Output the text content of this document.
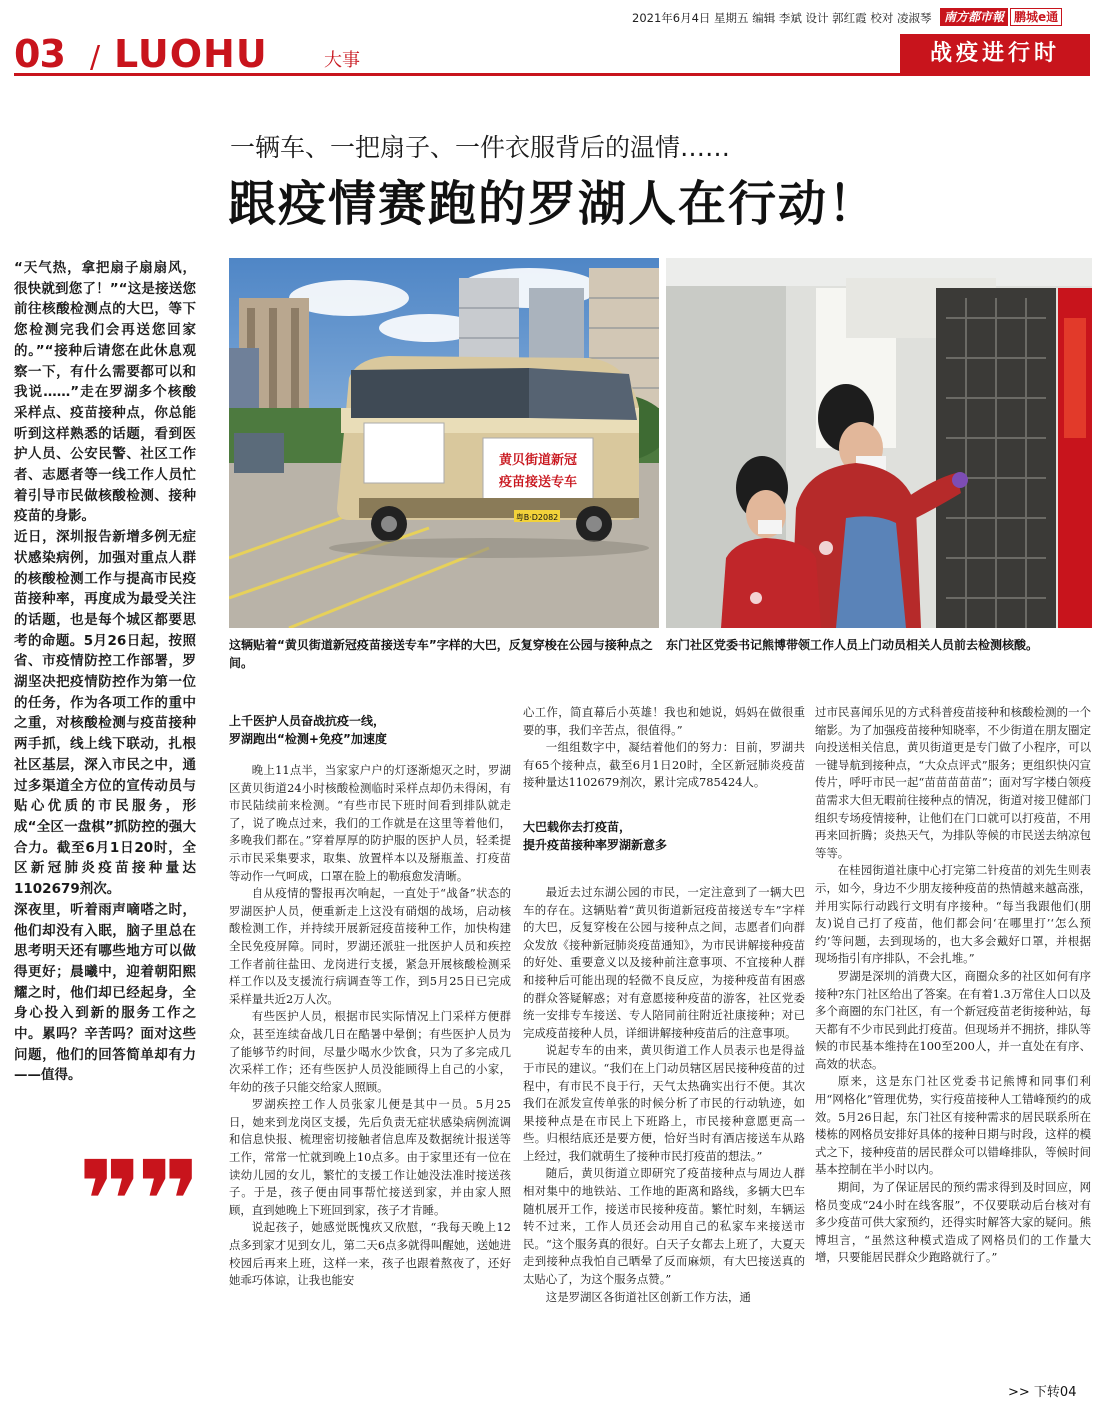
2021年6月4日 星期五 编辑 李斌 设计 郭红霞 校对 凌淑琴	南方都市報 鹏城e通
03 / LUOHU	大事	战疫进行时
一辆车、一把扇子、一件衣服背后的温情……
跟疫情赛跑的罗湖人在行动！
黄贝街道新冠
疫苗接送专车
粤B·D2082
这辆贴着“黄贝街道新冠疫苗接送专车”字样的大巴，反复穿梭在公园与接种点之间。
东门社区党委书记熊博带领工作人员上门动员相关人员前去检测核酸。

“天气热，拿把扇子扇扇风，很快就到您了！”“这是接送您前往核酸检测点的大巴，等下您检测完我们会再送您回家的。”“接种后请您在此休息观察一下，有什么需要都可以和我说……”走在罗湖多个核酸采样点、疫苗接种点，你总能听到这样熟悉的话题，看到医护人员、公安民警、社区工作者、志愿者等一线工作人员忙着引导市民做核酸检测、接种疫苗的身影。

近日，深圳报告新增多例无症状感染病例，加强对重点人群的核酸检测工作与提高市民疫苗接种率，再度成为最受关注的话题，也是每个城区都要思考的命题。5月26日起，按照省、市疫情防控工作部署，罗湖坚决把疫情防控作为第一位的任务，作为各项工作的重中之重，对核酸检测与疫苗接种两手抓，线上线下联动，扎根社区基层，深入市民之中，通过多渠道全方位的宣传动员与贴心优质的市民服务，形成“全区一盘棋”抓防控的强大合力。截至6月1日20时，全区新冠肺炎疫苗接种量达1102679剂次。

深夜里，听着雨声嘀嗒之时，他们却没有入眠，脑子里总在思考明天还有哪些地方可以做得更好；晨曦中，迎着朝阳熙耀之时，他们却已经起身，全身心投入到新的服务工作之中。累吗？辛苦吗？面对这些问题，他们的回答简单却有力——值得。

❞❞
上千医护人员奋战抗疫一线，
罗湖跑出“检测+免疫”加速度

晚上11点半，当家家户户的灯逐渐熄灭之时，罗湖区黄贝街道24小时核酸检测临时采样点却仍未得闲，有市民陆续前来检测。“有些市民下班时间看到排队就走了，说了晚点过来，我们的工作就是在这里等着他们，多晚我们都在。”穿着厚厚的防护服的医护人员，轻柔提示市民采集要求，取集、放置样本以及掰瓶盖、打疫苗等动作一气呵成，口罩在脸上的勒痕愈发清晰。

自从疫情的警报再次响起，一直处于“战备”状态的罗湖医护人员，便重新走上这没有硝烟的战场，启动核酸检测工作，并持续开展新冠疫苗接种工作，加快构建全民免疫屏障。同时，罗湖还派驻一批医护人员和疾控工作者前往盐田、龙岗进行支援，紧急开展核酸检测采样工作以及支援流行病调查等工作，到5月25日已完成采样量共近2万人次。

有些医护人员，根据市民实际情况上门采样方便群众，甚至连续奋战几日在酷暑中晕倒；有些医护人员为了能够节约时间，尽量少喝水少饮食，只为了多完成几次采样工作；还有些医护人员没能顾得上自己的小家，年幼的孩子只能交给家人照顾。

罗湖疾控工作人员张家儿便是其中一员。5月25日，她来到龙岗区支援，先后负责无症状感染病例流调和信息快报、梳理密切接触者信息库及数据统计报送等工作，常常一忙就到晚上10点多。由于家里还有一位在读幼儿园的女儿，繁忙的支援工作让她没法准时接送孩子。于是，孩子便由同事帮忙接送到家，并由家人照顾，直到她晚上下班回到家，孩子才肯睡。

说起孩子，她感觉既愧疚又欣慰，“我每天晚上12点多到家才见到女儿，第二天6点多就得叫醒她，送她进校园后再来上班，这样一来，孩子也跟着熬夜了，还好她乖巧体谅，让我也能安

心工作，简直幕后小英雄！我也和她说，妈妈在做很重要的事，我们辛苦点，很值得。”

一组组数字中，凝结着他们的努力：目前，罗湖共有65个接种点，截至6月1日20时，全区新冠肺炎疫苗接种量达1102679剂次，累计完成785424人。

大巴载你去打疫苗，
提升疫苗接种率罗湖新意多

最近去过东湖公园的市民，一定注意到了一辆大巴车的存在。这辆贴着“黄贝街道新冠疫苗接送专车”字样的大巴，反复穿梭在公园与接种点之间，志愿者们向群众发放《接种新冠肺炎疫苗通知》，为市民讲解接种疫苗的好处、重要意义以及接种前注意事项、不宜接种人群和接种后可能出现的轻微不良反应，为接种疫苗有困惑的群众答疑解惑；对有意愿接种疫苗的游客，社区党委统一安排专车接送、专人陪同前往附近社康接种；对已完成疫苗接种人员，详细讲解接种疫苗后的注意事项。

说起专车的由来，黄贝街道工作人员表示也是得益于市民的建议。“我们在上门动员辖区居民接种疫苗的过程中，有市民不良于行，天气太热确实出行不便。其次我们在派发宣传单张的时候分析了市民的行动轨迹，如果接种点是在市民上下班路上，市民接种意愿更高一些。归根结底还是要方便，恰好当时有酒店接送车从路上经过，我们就萌生了接种市民打疫苗的想法。”

随后，黄贝街道立即研究了疫苗接种点与周边人群相对集中的地铁站、工作地的距离和路线，多辆大巴车随机展开工作，接送市民接种疫苗。繁忙时刻，车辆运转不过来，工作人员还会动用自己的私家车来接送市民。“这个服务真的很好。白天子女都去上班了，大夏天走到接种点我怕自己晒晕了反而麻烦，有大巴接送真的太贴心了，为这个服务点赞。”

这是罗湖区各街道社区创新工作方法，通

过市民喜闻乐见的方式科普疫苗接种和核酸检测的一个缩影。为了加强疫苗接种知晓率，不少街道在朋友圈定向投送相关信息，黄贝街道更是专门做了小程序，可以一键导航到接种点，“大众点评式”服务；更组织快闪宣传片，呼吁市民一起“苗苗苗苗苗”；面对写字楼白领疫苗需求大但无暇前往接种点的情况，街道对接卫健部门组织专场疫情接种，让他们在门口就可以打疫苗，不用再来回折腾；炎热天气，为排队等候的市民送去纳凉包等等。

在桂园街道社康中心打完第二针疫苗的刘先生则表示，如今，身边不少朋友接种疫苗的热情越来越高涨，并用实际行动践行文明有序接种。“每当我跟他们(朋友)说自己打了疫苗，他们都会问‘在哪里打’‘怎么预约’等问题，去到现场的，也大多会戴好口罩，并根据现场指引有序排队，不会扎堆。”

罗湖是深圳的消费大区，商圈众多的社区如何有序接种?东门社区给出了答案。在有着1.3万常住人口以及多个商圈的东门社区，有一个新冠疫苗老街接种站，每天都有不少市民到此打疫苗。但现场并不拥挤，排队等候的市民基本维持在100至200人，并一直处在有序、高效的状态。

原来，这是东门社区党委书记熊博和同事们利用“网格化”管理优势，实行疫苗接种人工错峰预约的成效。5月26日起，东门社区有接种需求的居民联系所在楼栋的网格员安排好具体的接种日期与时段，这样的模式之下，接种疫苗的居民群众可以错峰排队，等候时间基本控制在半小时以内。

期间，为了保证居民的预约需求得到及时回应，网格员变成“24小时在线客服”，不仅要联动后台核对有多少疫苗可供大家预约，还得实时解答大家的疑问。熊博坦言，“虽然这种模式造成了网格员们的工作量大增，只要能居民群众少跑路就行了。”

>> 下转04
